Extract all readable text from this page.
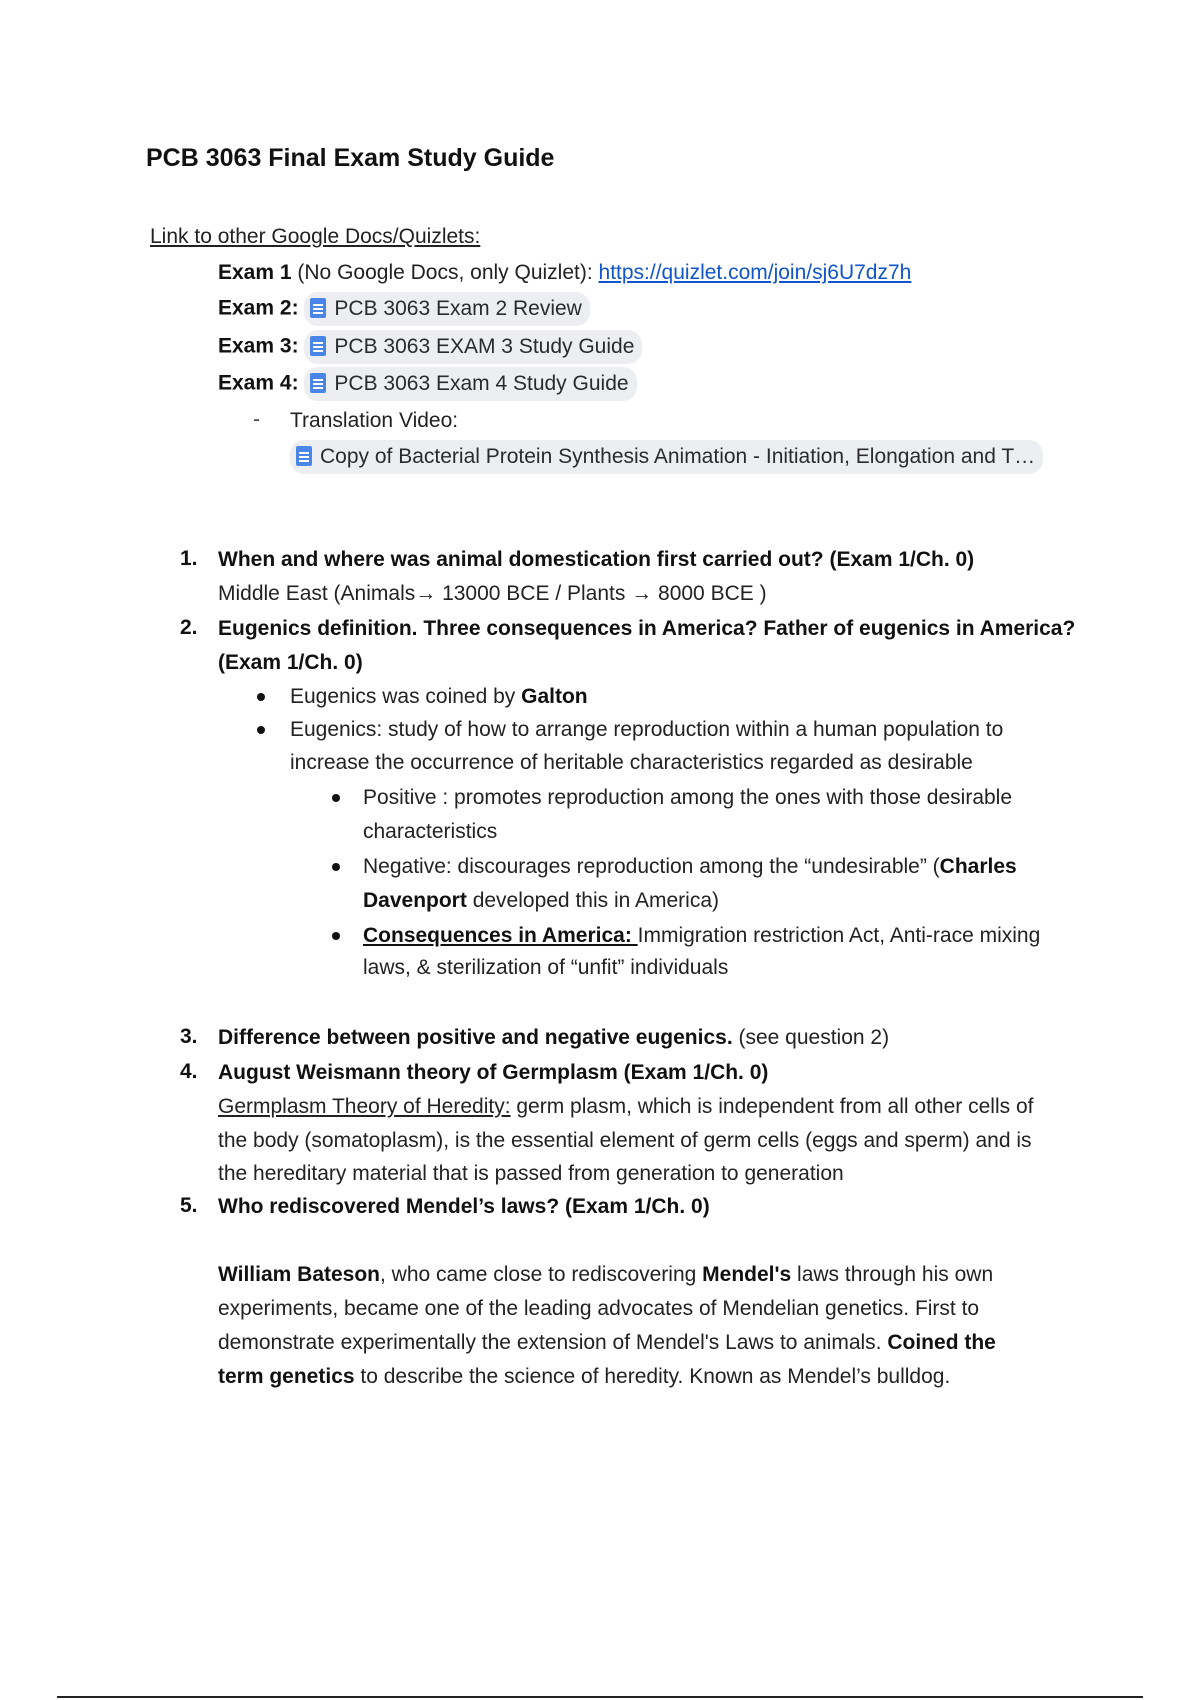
PCB 3063 Final Exam Study Guide
Link to other Google Docs/Quizlets:
Exam 1 (No Google Docs, only Quizlet): https://quizlet.com/join/sj6U7dz7h
Exam 2: PCB 3063 Exam 2 Review
Exam 3: PCB 3063 EXAM 3 Study Guide
Exam 4: PCB 3063 Exam 4 Study Guide
- Translation Video:
Copy of Bacterial Protein Synthesis Animation - Initiation, Elongation and T…
1. When and where was animal domestication first carried out? (Exam 1/Ch. 0)
Middle East (Animals→ 13000 BCE / Plants → 8000 BCE )
2. Eugenics definition. Three consequences in America? Father of eugenics in America?
(Exam 1/Ch. 0)
Eugenics was coined by Galton
Eugenics: study of how to arrange reproduction within a human population to
increase the occurrence of heritable characteristics regarded as desirable
Positive : promotes reproduction among the ones with those desirable
characteristics
Negative: discourages reproduction among the “undesirable” (Charles
Davenport developed this in America)
Consequences in America: Immigration restriction Act, Anti-race mixing
laws, & sterilization of “unfit” individuals
3. Difference between positive and negative eugenics. (see question 2)
4. August Weismann theory of Germplasm (Exam 1/Ch. 0)
Germplasm Theory of Heredity: germ plasm, which is independent from all other cells of
the body (somatoplasm), is the essential element of germ cells (eggs and sperm) and is
the hereditary material that is passed from generation to generation
5. Who rediscovered Mendel’s laws? (Exam 1/Ch. 0)
William Bateson, who came close to rediscovering Mendel's laws through his own
experiments, became one of the leading advocates of Mendelian genetics. First to
demonstrate experimentally the extension of Mendel's Laws to animals. Coined the
term genetics to describe the science of heredity. Known as Mendel’s bulldog.
